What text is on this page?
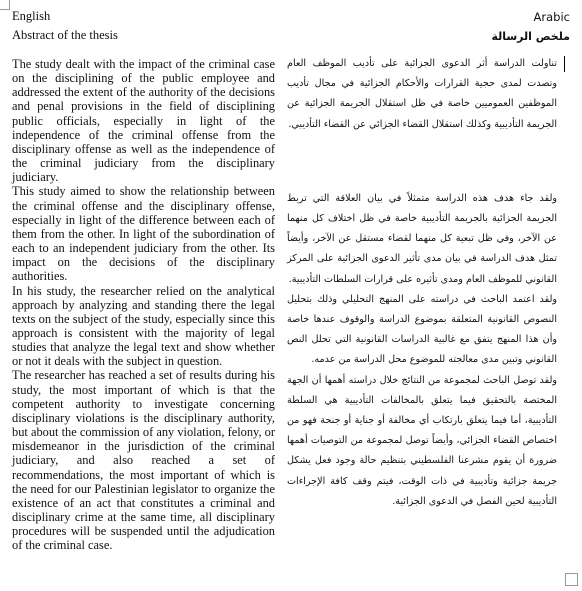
English
Abstract of the thesis
Arabic
ملخص الرسالة

The study dealt with the impact of the criminal case on the disciplining of the public employee and addressed the extent of the authority of the decisions and penal provisions in the field of disciplining public officials, especially in light of the independence of the criminal offense from the disciplinary offense as well as the independence of the criminal judiciary from the disciplinary judiciary.

This study aimed to show the relationship between the criminal offense and the disciplinary offense, especially in light of the difference between each of them from the other. In light of the subordination of each to an independent judiciary from the other. Its impact on the decisions of the disciplinary authorities.

In his study, the researcher relied on the analytical approach by analyzing and standing there the legal texts on the subject of the study, especially since this approach is consistent with the majority of legal studies that analyze the legal text and show whether or not it deals with the subject in question.

The researcher has reached a set of results during his study, the most important of which is that the competent authority to investigate concerning disciplinary violations is the disciplinary authority, but about the commission of any violation, felony, or misdemeanor in the jurisdiction of the criminal judiciary, and also reached a set of recommendations, the most important of which is the need for our Palestinian legislator to organize the existence of an act that constitutes a criminal and disciplinary crime at the same time, all disciplinary procedures will be suspended until the adjudication of the criminal case.

تناولت الدراسة أثر الدعوى الجزائية على تأديب الموظف العام وتصدت لمدى حجية القرارات والأحكام الجزائية في مجال تأديب الموظفين العموميين خاصة في ظل استقلال الجريمة الجزائية عن الجريمة التأديبية وكذلك استقلال القضاء الجزائي عن القضاء التأديبي.

ولقد جاء هدف هذه الدراسة متمثلاً في بيان العلاقة التي تربط الجريمة الجزائية بالجريمة التأديبية خاصة في ظل اختلاف كل منهما عن الآخر، وفي ظل تبعية كل منهما لقضاء مستقل عن الآخر، وأيضاً تمثل هدف الدراسة في بيان مدى تأثير الدعوى الجزائية على المركز القانوني للموظف العام ومدى تأثيره على قرارات السلطات التأديبية.

ولقد اعتمد الباحث في دراسته على المنهج التحليلي وذلك بتحليل النصوص القانونية المتعلقة بموضوع الدراسة والوقوف عندها خاصة وأن هذا المنهج يتفق مع غالبية الدراسات القانونية التي تحلل النص القانوني وتبين مدى معالجته للموضوع محل الدراسة من عدمه.

ولقد توصل الباحث لمجموعة من النتائج خلال دراسته أهمها أن الجهة المختصة بالتحقيق فيما يتعلق بالمخالفات التأديبية هي السلطة التأديبية، أما فيما يتعلق بارتكاب أي مخالفة أو جناية أو جنحة فهو من اختصاص القضاء الجزائي، وأيضاً توصل لمجموعة من التوصيات أهمها ضرورة أن يقوم مشرعنا الفلسطيني بتنظيم حالة وجود فعل يشكل جريمة جزائية وتأديبية في ذات الوقت، فيتم وقف كافة الإجراءات التأديبية لحين الفصل في الدعوى الجزائية.
